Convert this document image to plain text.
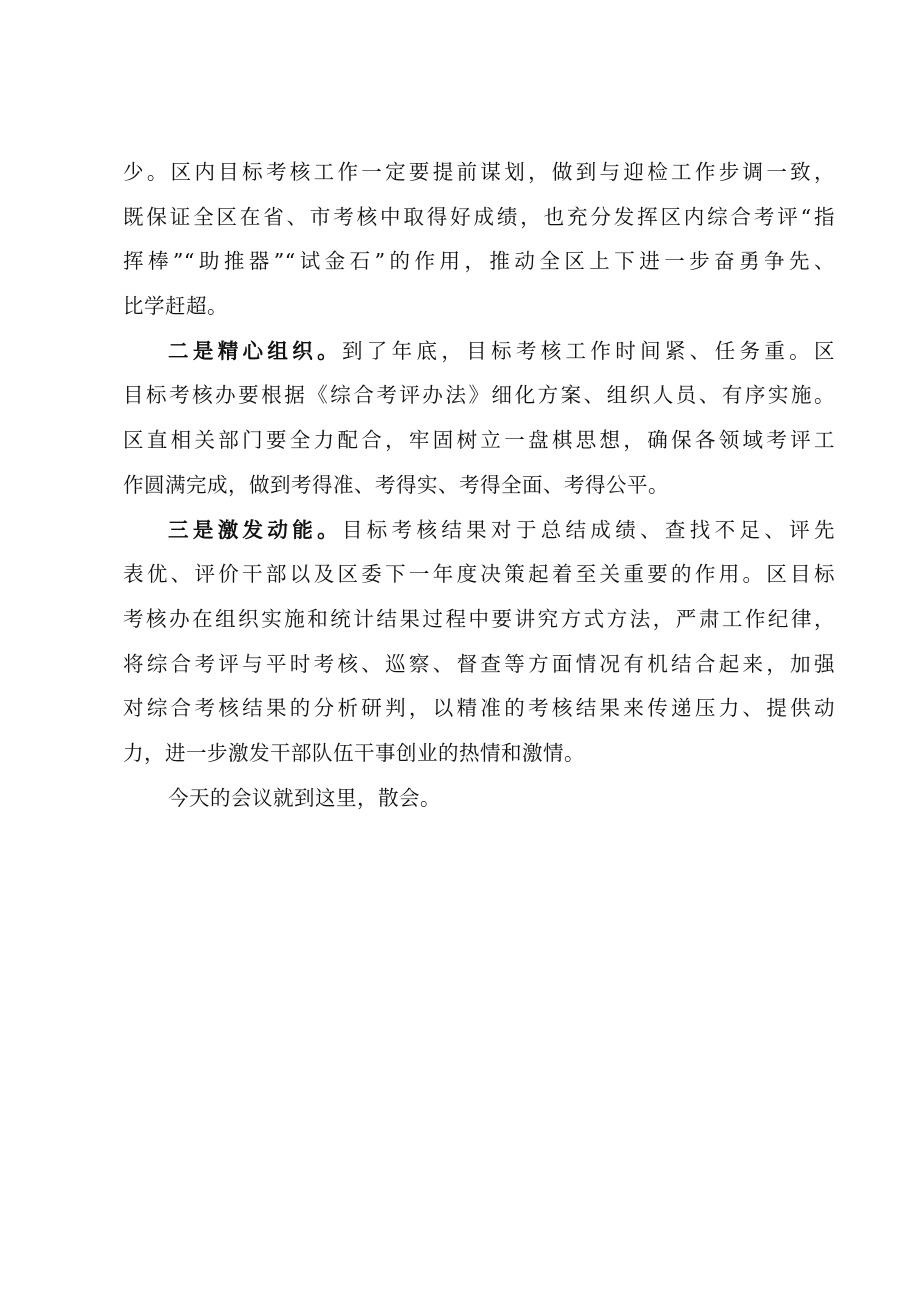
少。区内目标考核工作一定要提前谋划，做到与迎检工作步调一致，
既保证全区在省、市考核中取得好成绩，也充分发挥区内综合考评“指
挥棒”“助推器”“试金石”的作用，推动全区上下进一步奋勇争先、
比学赶超。
二是精心组织。到了年底，目标考核工作时间紧、任务重。区
目标考核办要根据《综合考评办法》细化方案、组织人员、有序实施。
区直相关部门要全力配合，牢固树立一盘棋思想，确保各领域考评工
作圆满完成，做到考得准、考得实、考得全面、考得公平。
三是激发动能。目标考核结果对于总结成绩、查找不足、评先
表优、评价干部以及区委下一年度决策起着至关重要的作用。区目标
考核办在组织实施和统计结果过程中要讲究方式方法，严肃工作纪律，
将综合考评与平时考核、巡察、督查等方面情况有机结合起来，加强
对综合考核结果的分析研判，以精准的考核结果来传递压力、提供动
力，进一步激发干部队伍干事创业的热情和激情。
今天的会议就到这里，散会。
